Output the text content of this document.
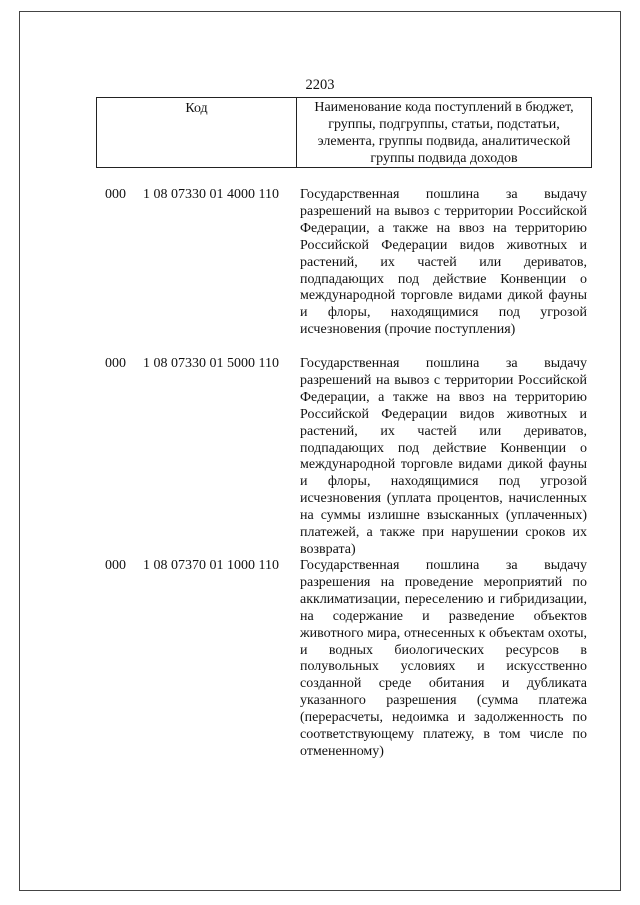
2203
Код	Наименование кода поступлений в бюджет, группы, подгруппы, статьи, подстатьи, элемента, группы подвида, аналитической группы подвида доходов
000 1 08 07330 01 4000 110 Государственная пошлина за выдачу разрешений на вывоз с территории Российской Федерации, а также на ввоз на территорию Российской Федерации видов животных и растений, их частей или дериватов, подпадающих под действие Конвенции о международной торговле видами дикой фауны и флоры, находящимися под угрозой исчезновения (прочие поступления)
000 1 08 07330 01 5000 110 Государственная пошлина за выдачу разрешений на вывоз с территории Российской Федерации, а также на ввоз на территорию Российской Федерации видов животных и растений, их частей или дериватов, подпадающих под действие Конвенции о международной торговле видами дикой фауны и флоры, находящимися под угрозой исчезновения (уплата процентов, начисленных на суммы излишне взысканных (уплаченных) платежей, а также при нарушении сроков их возврата)
000 1 08 07370 01 1000 110 Государственная пошлина за выдачу разрешения на проведение мероприятий по акклиматизации, переселению и гибридизации, на содержание и разведение объектов животного мира, отнесенных к объектам охоты, и водных биологических ресурсов в полувольных условиях и искусственно созданной среде обитания и дубликата указанного разрешения (сумма платежа (перерасчеты, недоимка и задолженность по соответствующему платежу, в том числе по отмененному)
